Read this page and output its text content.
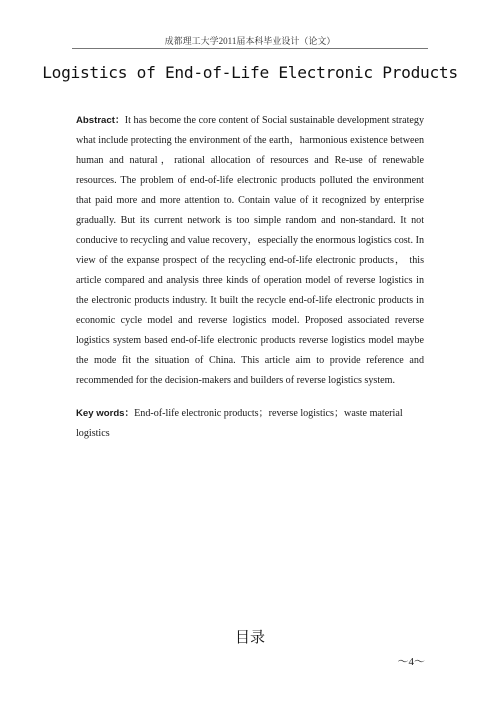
成都理工大学2011届本科毕业设计（论文）
Logistics of End-of-Life Electronic Products

Abstract：It has become the core content of Social sustainable development strategy what include protecting the environment of the earth，harmonious existence between human and natural，rational allocation of resources and Re-use of renewable resources. The problem of end-of-life electronic products polluted the environment that paid more and more attention to. Contain value of it recognized by enterprise gradually. But its current network is too simple random and non-standard. It not conducive to recycling and value recovery，especially the enormous logistics cost. In view of the expanse prospect of the recycling end-of-life electronic products， this article compared and analysis three kinds of operation model of reverse logistics in the electronic products industry. It built the recycle end-of-life electronic products in economic cycle model and reverse logistics model. Proposed associated reverse logistics system based end-of-life electronic products reverse logistics model maybe the mode fit the situation of China. This article aim to provide reference and recommended for the decision-makers and builders of reverse logistics system.

Key words：End-of-life electronic products；reverse logistics；waste material logistics

目录
～4～
